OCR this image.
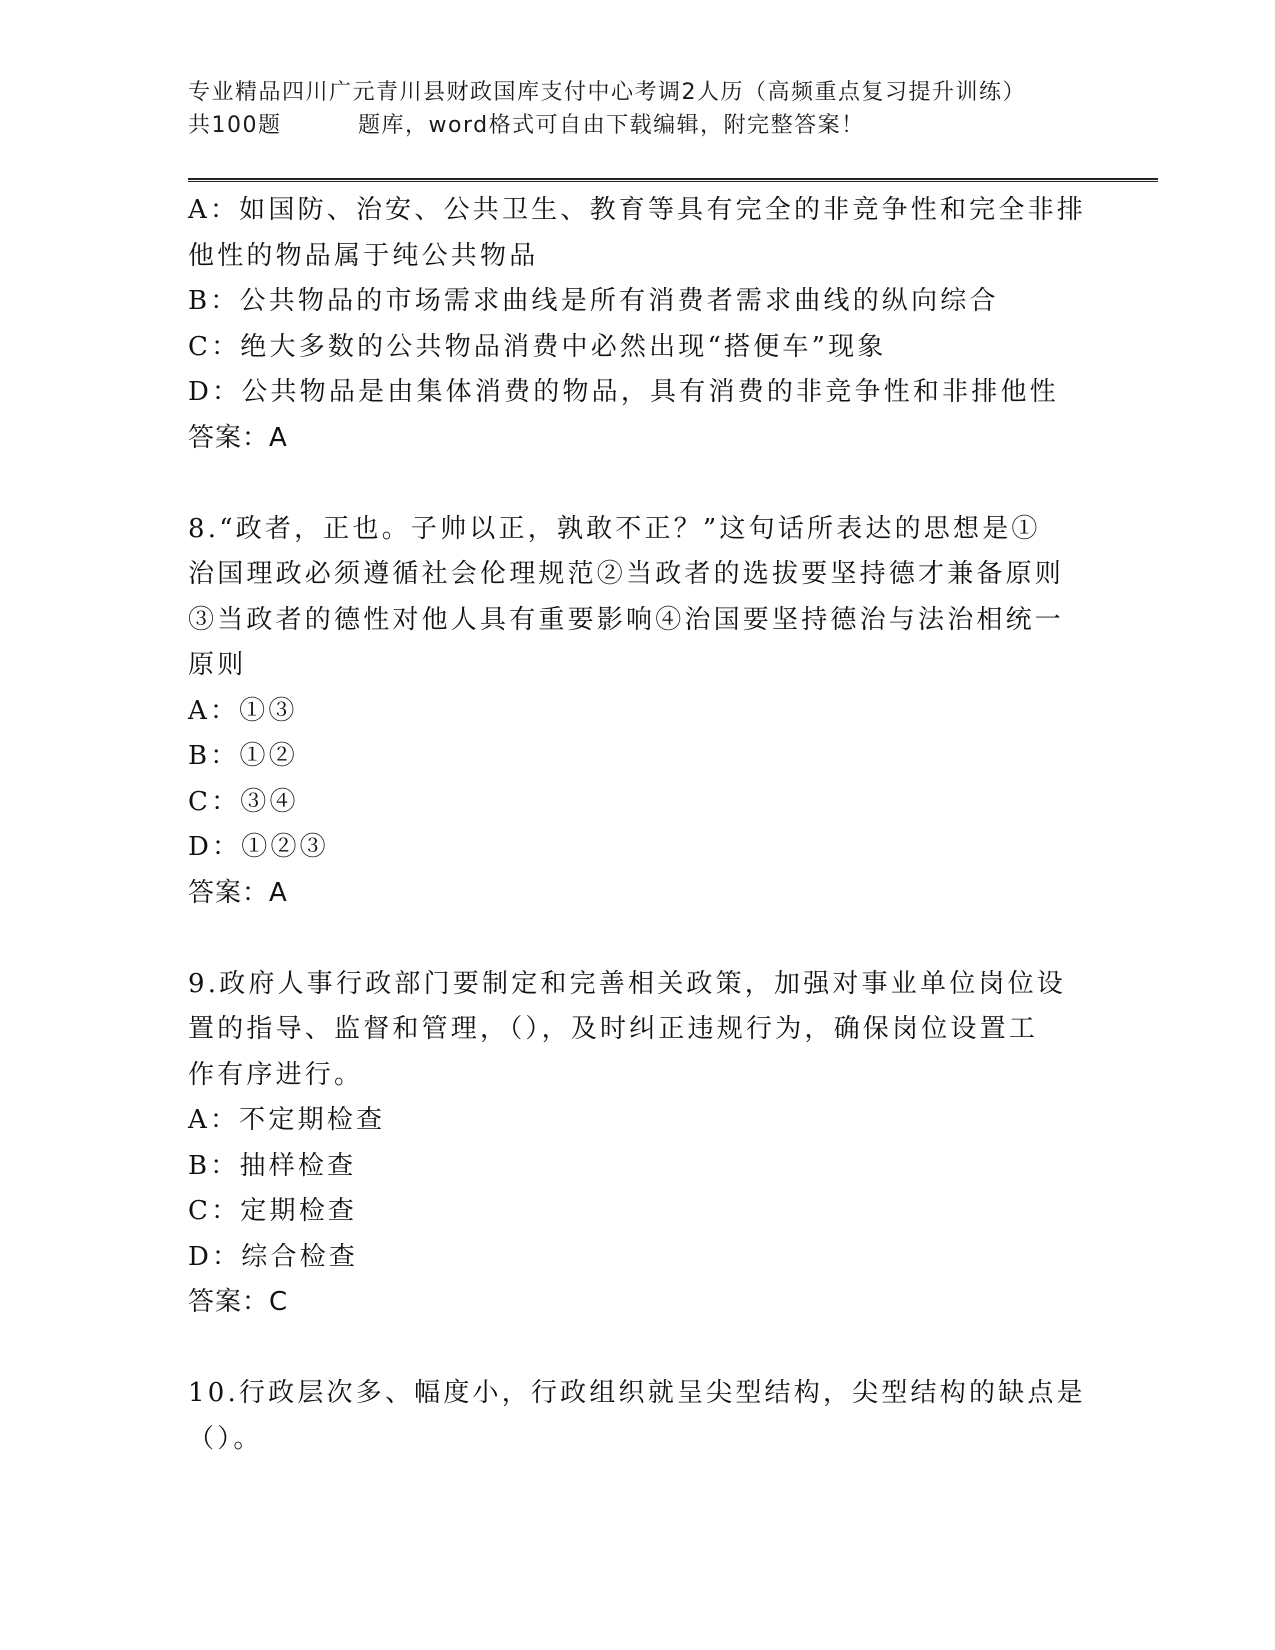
专业精品四川广元青川县财政国库支付中心考调2人历（高频重点复习提升训练）
共100题	题库，word格式可自由下载编辑，附完整答案！
A：如国防、治安、公共卫生、教育等具有完全的非竞争性和完全非排
他性的物品属于纯公共物品
B：公共物品的市场需求曲线是所有消费者需求曲线的纵向综合
C：绝大多数的公共物品消费中必然出现“搭便车”现象
D：公共物品是由集体消费的物品，具有消费的非竞争性和非排他性
答案：A
8.“政者，正也。子帅以正，孰敢不正？”这句话所表达的思想是①
治国理政必须遵循社会伦理规范②当政者的选拔要坚持德才兼备原则
③当政者的德性对他人具有重要影响④治国要坚持德治与法治相统一
原则
A：①③
B：①②
C：③④
D：①②③
答案：A
9.政府人事行政部门要制定和完善相关政策，加强对事业单位岗位设
置的指导、监督和管理，（），及时纠正违规行为，确保岗位设置工
作有序进行。
A：不定期检查
B：抽样检查
C：定期检查
D：综合检查
答案：C
10.行政层次多、幅度小，行政组织就呈尖型结构，尖型结构的缺点是
（）。
